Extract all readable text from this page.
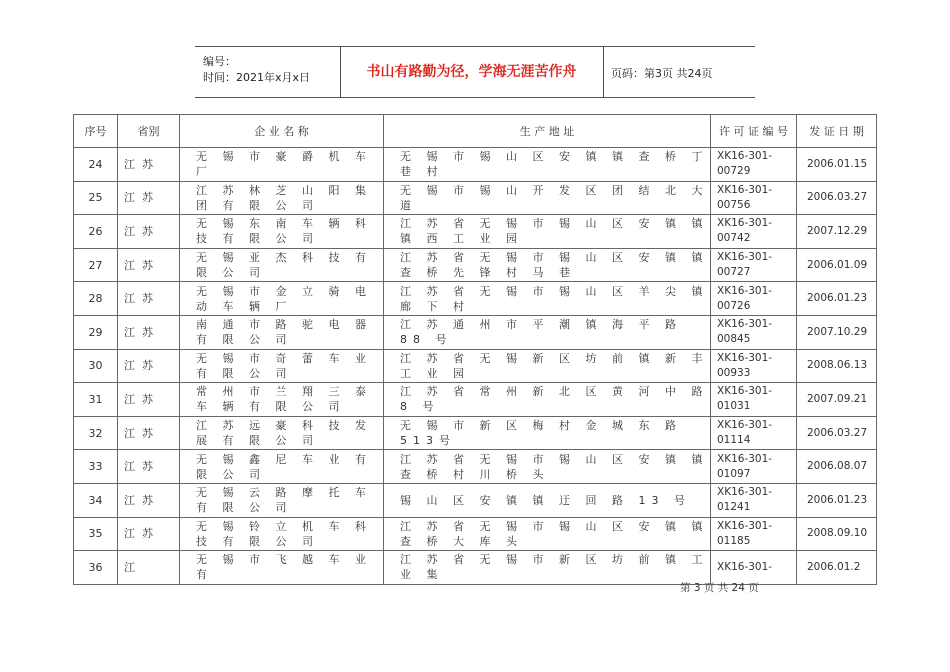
编号：
时间：2021年x月x日	书山有路勤为径，学海无涯苦作舟	页码：第3页 共24页
序号	省别	企 业 名 称	生 产 地 址	许 可 证 编 号	发 证 日 期
24	江苏	无 锡 市 豪 爵 机 车 厂	无 锡 市 锡 山 区 安 镇 镇 查 桥 丁 巷 村	XK16-301-00729	2006.01.15
25	江苏	江 苏 林 芝 山 阳 集 团 有 限 公 司	无 锡 市 锡 山 开 发 区 团 结 北 大 道	XK16-301-00756	2006.03.27
26	江苏	无 锡 东 南 车 辆 科 技 有 限 公 司	江 苏 省 无 锡 市 锡 山 区 安 镇 镇 镇 西 工 业 园	XK16-301-00742	2007.12.29
27	江苏	无 锡 亚 杰 科 技 有 限 公 司	江 苏 省 无 锡 市 锡 山 区 安 镇 镇 查 桥 先 锋 村 马 巷	XK16-301-00727	2006.01.09
28	江苏	无 锡 市 金 立 骑 电 动 车 辆 厂	江 苏 省 无 锡 市 锡 山 区 羊 尖 镇 廊 下 村	XK16-301-00726	2006.01.23
29	江苏	南 通 市 路 驼 电 器 有 限 公 司	江 苏 通 州 市 平 潮 镇 海 平 路 88 号	XK16-301-00845	2007.10.29
30	江苏	无 锡 市 奇 蕾 车 业 有 限 公 司	江 苏 省 无 锡 新 区 坊 前 镇 新 丰 工 业 园	XK16-301-00933	2008.06.13
31	江苏	常 州 市 兰 翔 三 泰 车 辆 有 限 公 司	江 苏 省 常 州 新 北 区 黄 河 中 路 8 号	XK16-301-01031	2007.09.21
32	江苏	江 苏 远 豪 科 技 发 展 有 限 公 司	无 锡 市 新 区 梅 村 金 城 东 路 513号	XK16-301-01114	2006.03.27
33	江苏	无 锡 鑫 尼 车 业 有 限 公 司	江 苏 省 无 锡 市 锡 山 区 安 镇 镇 查 桥 村 川 桥 头	XK16-301-01097	2006.08.07
34	江苏	无 锡 云 路 摩 托 车 有 限 公 司	锡 山 区 安 镇 镇 迂 回 路 13 号	XK16-301-01241	2006.01.23
35	江苏	无 锡 铃 立 机 车 科 技 有 限 公 司	江 苏 省 无 锡 市 锡 山 区 安 镇 镇 查 桥 大 库 头	XK16-301-01185	2008.09.10
36	江	无 锡 市 飞 越 车 业 有	江 苏 省 无 锡 市 新 区 坊 前 镇 工 业 集	XK16-301-	2006.01.2
第 3 页 共 24 页
